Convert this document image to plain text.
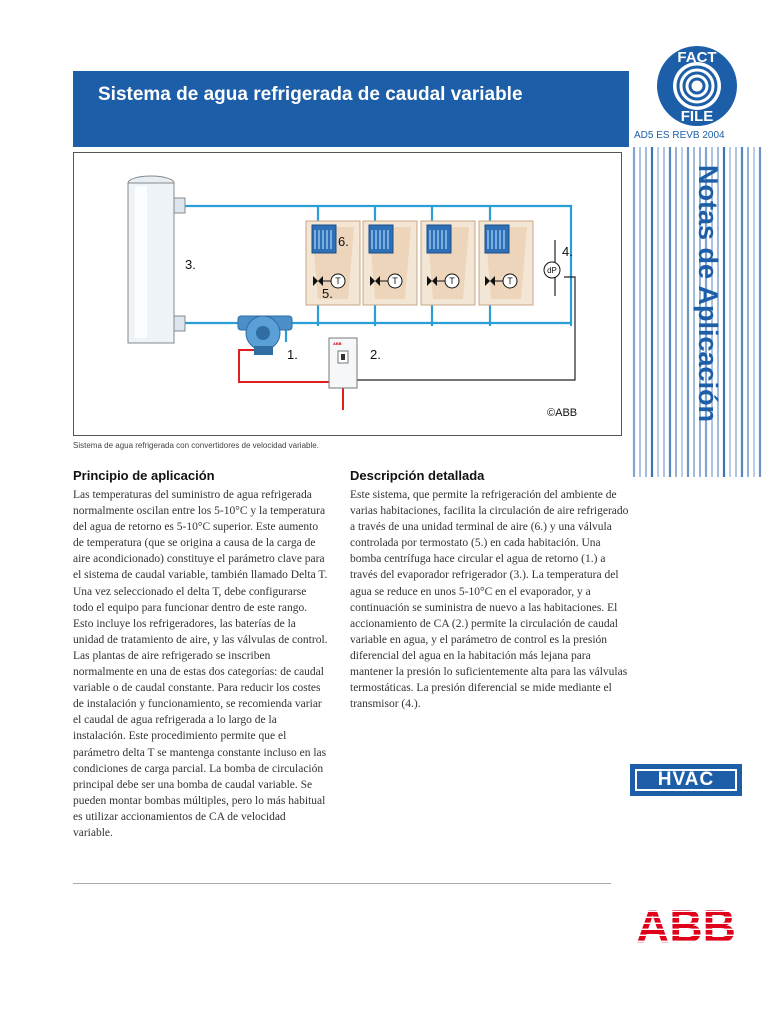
Sistema de agua refrigerada de caudal variable
FACT
FILE
AD5 ES REVB 2004
Notas de Aplicación
3.
1.
ABB
2.
T	T	T	T
6.
5.
dP
4.
©ABB
Sistema de agua refrigerada con convertidores de velocidad variable.
Principio de aplicación

Las temperaturas del suministro de agua refrigerada normalmente oscilan entre los 5-10°C y la temperatura del agua de retorno es 5-10°C superior. Este aumento de temperatura (que se origina a causa de la carga de aire acondicionado) constituye el parámetro clave para el sistema de caudal variable, también llamado Delta T. Una vez seleccionado el delta T, debe configurarse todo el equipo para funcionar dentro de este rango. Esto incluye los refrigeradores, las baterías de la unidad de tratamiento de aire, y las válvulas de control. Las plantas de aire refrigerado se inscriben normalmente en una de estas dos categorías: de caudal variable o de caudal constante. Para reducir los costes de instalación y funcionamiento, se recomienda variar el caudal de agua refrigerada a lo largo de la instalación. Este procedimiento permite que el parámetro delta T se mantenga constante incluso en las condiciones de carga parcial. La bomba de circulación principal debe ser una bomba de caudal variable. Se pueden montar bombas múltiples, pero lo más habitual es utilizar accionamientos de CA de velocidad variable.

Descripción detallada

Este sistema, que permite la refrigeración del ambiente de varias habitaciones, facilita la circulación de aire refrigerado a través de una unidad terminal de aire (6.) y una válvula controlada por termostato (5.) en cada habitación. Una bomba centrífuga hace circular el agua de retorno (1.) a través del evaporador refrigerador (3.). La temperatura del agua se reduce en unos 5-10°C en el evaporador, y a continuación se suministra de nuevo a las habitaciones. El accionamiento de CA (2.) permite la circulación de caudal variable en agua, y el parámetro de control es la presión diferencial del agua en la habitación más lejana para mantener la presión lo suficientemente alta para las válvulas termostáticas. La presión diferencial se mide mediante el transmisor (4.).

HVAC
ABB
